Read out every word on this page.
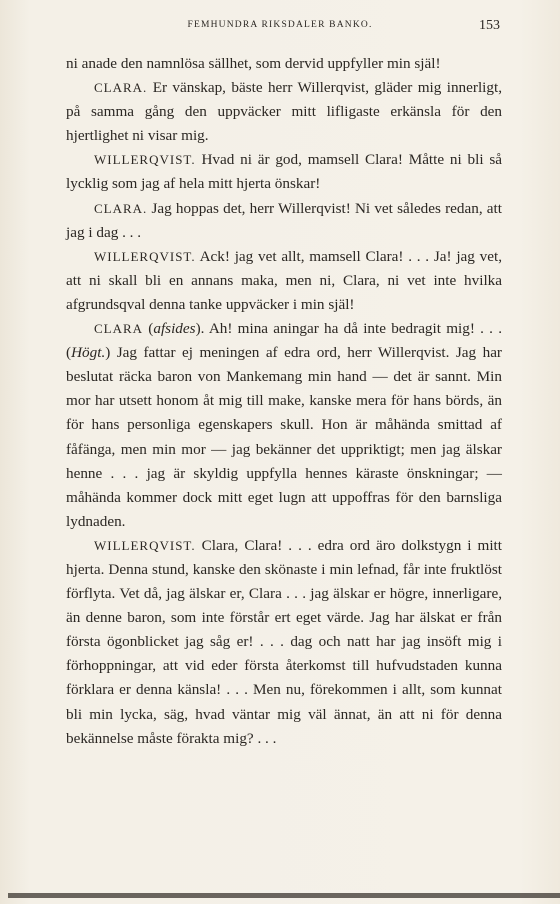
FEMHUNDRA RIKSDALER BANKO.	153

ni anade den namnlösa sällhet, som dervid uppfyller min själ!

CLARA. Er vänskap, bäste herr Willerqvist, gläder mig innerligt, på samma gång den uppväcker mitt lifligaste erkänsla för den hjertlighet ni visar mig.

WILLERQVIST. Hvad ni är god, mamsell Clara! Måtte ni bli så lycklig som jag af hela mitt hjerta önskar!

CLARA. Jag hoppas det, herr Willerqvist! Ni vet således redan, att jag i dag . . .

WILLERQVIST. Ack! jag vet allt, mamsell Clara! . . . Ja! jag vet, att ni skall bli en annans maka, men ni, Clara, ni vet inte hvilka afgrundsqval denna tanke uppväcker i min själ!

CLARA (afsides). Ah! mina aningar ha då inte bedragit mig! . . . (Högt.) Jag fattar ej meningen af edra ord, herr Willerqvist. Jag har beslutat räcka baron von Mankemang min hand — det är sannt. Min mor har utsett honom åt mig till make, kanske mera för hans börds, än för hans personliga egenskapers skull. Hon är måhända smittad af fåfänga, men min mor — jag bekänner det uppriktigt; men jag älskar henne . . . jag är skyldig uppfylla hennes käraste önskningar; — måhända kommer dock mitt eget lugn att uppoffras för den barnsliga lydnaden.

WILLERQVIST. Clara, Clara! . . . edra ord äro dolkstygn i mitt hjerta. Denna stund, kanske den skönaste i min lefnad, får inte fruktlöst förflyta. Vet då, jag älskar er, Clara . . . jag älskar er högre, innerligare, än denne baron, som inte förstår ert eget värde. Jag har älskat er från första ögonblicket jag såg er! . . . dag och natt har jag insöft mig i förhoppningar, att vid eder första återkomst till hufvudstaden kunna förklara er denna känsla! . . . Men nu, förekommen i allt, som kunnat bli min lycka, säg, hvad väntar mig väl ännat, än att ni för denna bekännelse måste förakta mig? . . .
